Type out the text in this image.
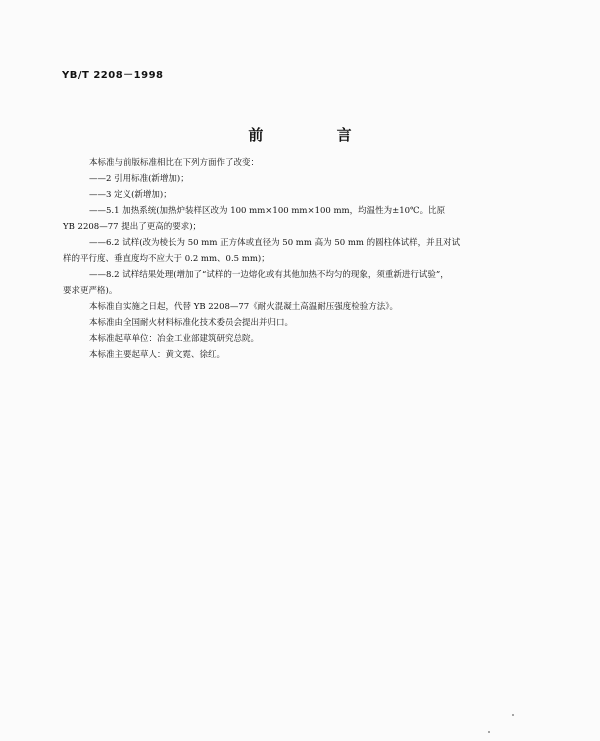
YB/T 2208－1998
前 言
本标准与前版标准相比在下列方面作了改变：
——2 引用标准(新增加)；
——3 定义(新增加)；
——5.1 加热系统(加热炉装样区改为 100 mm×100 mm×100 mm，均温性为±10℃。比原
YB 2208—77 提出了更高的要求)；
——6.2 试样(改为棱长为 50 mm 正方体或直径为 50 mm 高为 50 mm 的圆柱体试样，并且对试
样的平行度、垂直度均不应大于 0.2 mm、0.5 mm)；
——8.2 试样结果处理(增加了“试样的一边熔化或有其他加热不均匀的现象，须重新进行试验”，
要求更严格)。
本标准自实施之日起，代替 YB 2208—77《耐火混凝土高温耐压强度检验方法》。
本标准由全国耐火材料标准化技术委员会提出并归口。
本标准起草单位：冶金工业部建筑研究总院。
本标准主要起草人：黄文霓、徐红。
